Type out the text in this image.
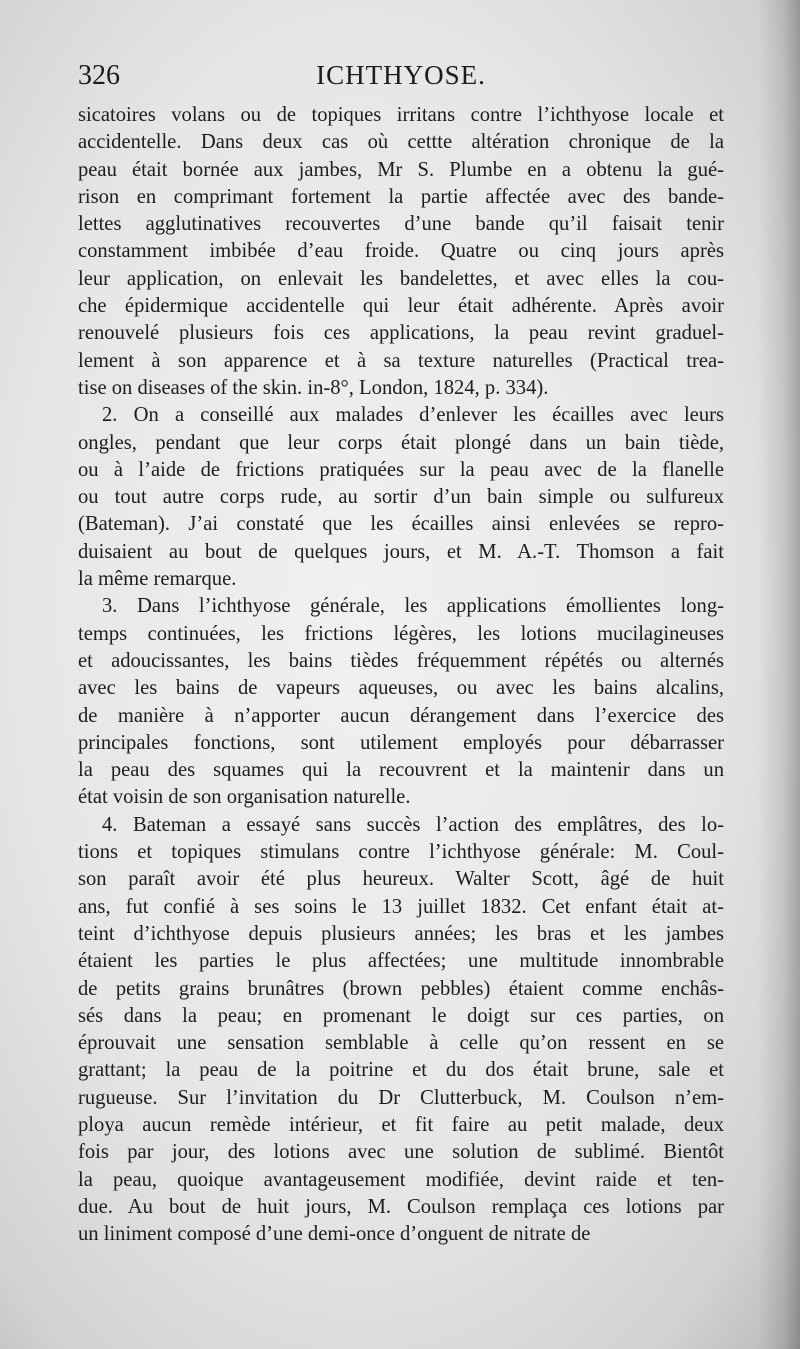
326	ICHTHYOSE.
sicatoires volans ou de topiques irritans contre l’ichthyose locale et
accidentelle. Dans deux cas où cettte altération chronique de la
peau était bornée aux jambes, Mr S. Plumbe en a obtenu la gué-
rison en comprimant fortement la partie affectée avec des bande-
lettes agglutinatives recouvertes d’une bande qu’il faisait tenir
constamment imbibée d’eau froide. Quatre ou cinq jours après
leur application, on enlevait les bandelettes, et avec elles la cou-
che épidermique accidentelle qui leur était adhérente. Après avoir
renouvelé plusieurs fois ces applications, la peau revint graduel-
lement à son apparence et à sa texture naturelles (Practical trea-
tise on diseases of the skin. in-8°, London, 1824, p. 334).
2. On a conseillé aux malades d’enlever les écailles avec leurs
ongles, pendant que leur corps était plongé dans un bain tiède,
ou à l’aide de frictions pratiquées sur la peau avec de la flanelle
ou tout autre corps rude, au sortir d’un bain simple ou sulfureux
(Bateman). J’ai constaté que les écailles ainsi enlevées se repro-
duisaient au bout de quelques jours, et M. A.-T. Thomson a fait
la même remarque.
3. Dans l’ichthyose générale, les applications émollientes long-
temps continuées, les frictions légères, les lotions mucilagineuses
et adoucissantes, les bains tièdes fréquemment répétés ou alternés
avec les bains de vapeurs aqueuses, ou avec les bains alcalins,
de manière à n’apporter aucun dérangement dans l’exercice des
principales fonctions, sont utilement employés pour débarrasser
la peau des squames qui la recouvrent et la maintenir dans un
état voisin de son organisation naturelle.
4. Bateman a essayé sans succès l’action des emplâtres, des lo-
tions et topiques stimulans contre l’ichthyose générale: M. Coul-
son paraît avoir été plus heureux. Walter Scott, âgé de huit
ans, fut confié à ses soins le 13 juillet 1832. Cet enfant était at-
teint d’ichthyose depuis plusieurs années; les bras et les jambes
étaient les parties le plus affectées; une multitude innombrable
de petits grains brunâtres (brown pebbles) étaient comme enchâs-
sés dans la peau; en promenant le doigt sur ces parties, on
éprouvait une sensation semblable à celle qu’on ressent en se
grattant; la peau de la poitrine et du dos était brune, sale et
rugueuse. Sur l’invitation du Dr Clutterbuck, M. Coulson n’em-
ploya aucun remède intérieur, et fit faire au petit malade, deux
fois par jour, des lotions avec une solution de sublimé. Bientôt
la peau, quoique avantageusement modifiée, devint raide et ten-
due. Au bout de huit jours, M. Coulson remplaça ces lotions par
un liniment composé d’une demi-once d’onguent de nitrate de
